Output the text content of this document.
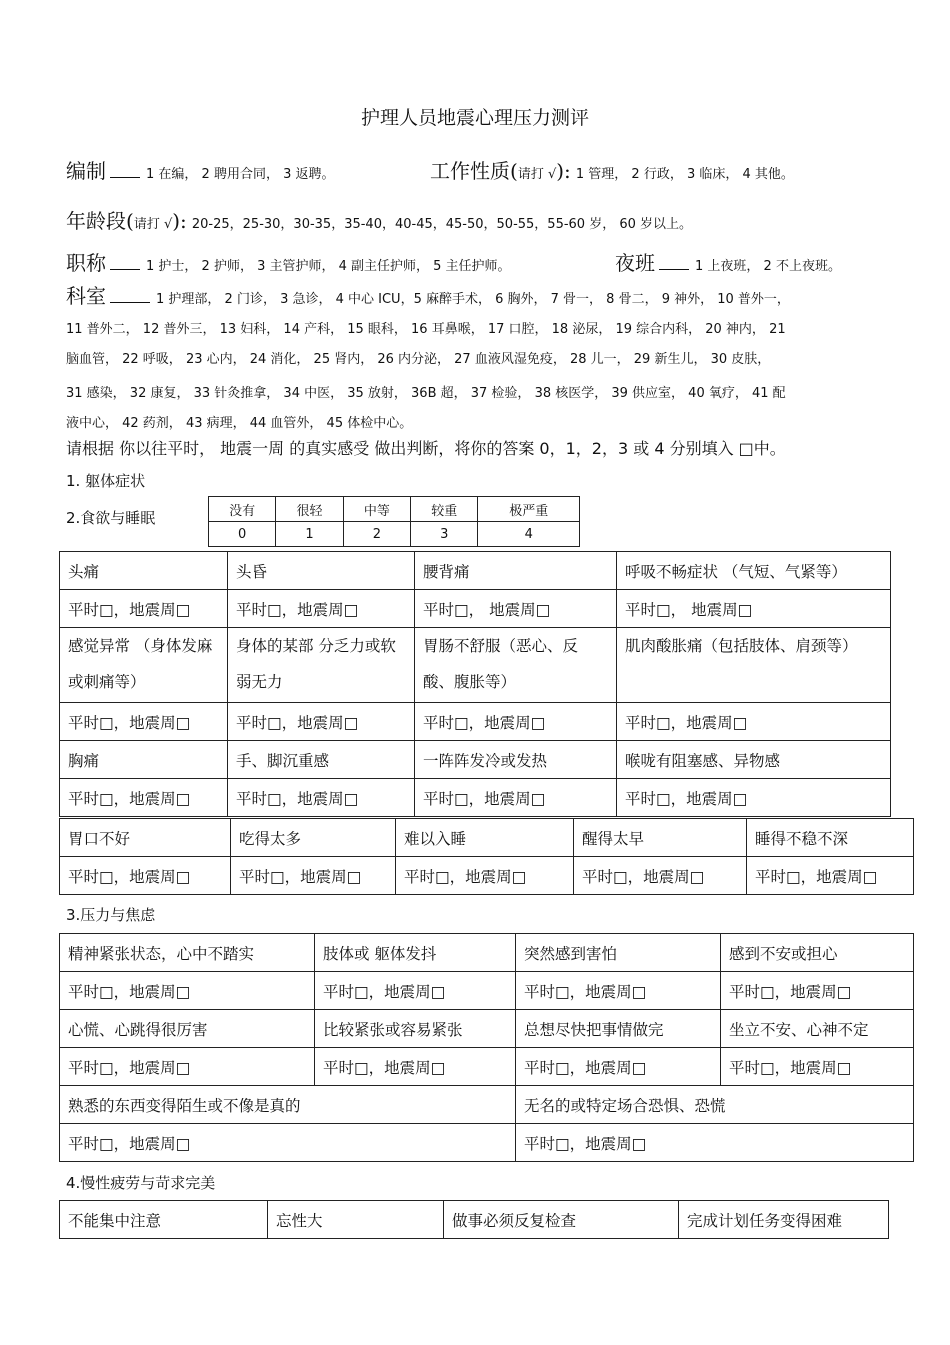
护理人员地震心理压力测评
编制	1 在编， 2 聘用合同， 3 返聘。	工作性质(请打 √): 1 管理， 2 行政， 3 临床， 4 其他。
年龄段(请打 √): 20-25，25-30，30-35，35-40，40-45，45-50，50-55，55-60 岁， 60 岁以上。
职称	1 护士， 2 护师， 3 主管护师， 4 副主任护师， 5 主任护师。	夜班	1 上夜班， 2 不上夜班。
科室	1 护理部， 2 门诊， 3 急诊， 4 中心 ICU，5 麻醉手术， 6 胸外， 7 骨一， 8 骨二， 9 神外， 10 普外一，
11 普外二， 12 普外三， 13 妇科， 14 产科， 15 眼科， 16 耳鼻喉， 17 口腔， 18 泌尿， 19 综合内科， 20 神内， 21
脑血管， 22 呼吸， 23 心内， 24 消化， 25 肾内， 26 内分泌， 27 血液风湿免疫， 28 儿一， 29 新生儿， 30 皮肤，
31 感染， 32 康复， 33 针灸推拿， 34 中医， 35 放射， 36B 超， 37 检验， 38 核医学， 39 供应室， 40 氧疗， 41 配
液中心， 42 药剂， 43 病理， 44 血管外， 45 体检中心。
请根据 你以往平时， 地震一周 的真实感受 做出判断，将你的答案 0，1，2，3 或 4 分别填入 □中。
1. 躯体症状
2.食欲与睡眠	没有	很轻	中等	较重	极严重
0	1	2	3	4
头痛	头昏	腰背痛	呼吸不畅症状 （气短、气紧等）
平时□，地震周□	平时□，地震周□	平时□， 地震周□	平时□， 地震周□
感觉异常 （身体发麻或刺痛等）	身体的某部 分乏力或软弱无力	胃肠不舒服（恶心、反酸、腹胀等）	肌肉酸胀痛（包括肢体、肩颈等）
平时□，地震周□	平时□，地震周□	平时□，地震周□	平时□，地震周□
胸痛	手、脚沉重感	一阵阵发冷或发热	喉咙有阻塞感、异物感
平时□，地震周□	平时□，地震周□	平时□，地震周□	平时□，地震周□
胃口不好	吃得太多	难以入睡	醒得太早	睡得不稳不深
平时□，地震周□	平时□，地震周□	平时□，地震周□	平时□，地震周□	平时□，地震周□
3.压力与焦虑
精神紧张状态，心中不踏实	肢体或 躯体发抖	突然感到害怕	感到不安或担心
平时□，地震周□	平时□，地震周□	平时□，地震周□	平时□，地震周□
心慌、心跳得很厉害	比较紧张或容易紧张	总想尽快把事情做完	坐立不安、心神不定
平时□，地震周□	平时□，地震周□	平时□，地震周□	平时□，地震周□
熟悉的东西变得陌生或不像是真的		无名的或特定场合恐惧、恐慌	
平时□，地震周□		平时□，地震周□	
4.慢性疲劳与苛求完美
不能集中注意	忘性大	做事必须反复检查	完成计划任务变得困难
